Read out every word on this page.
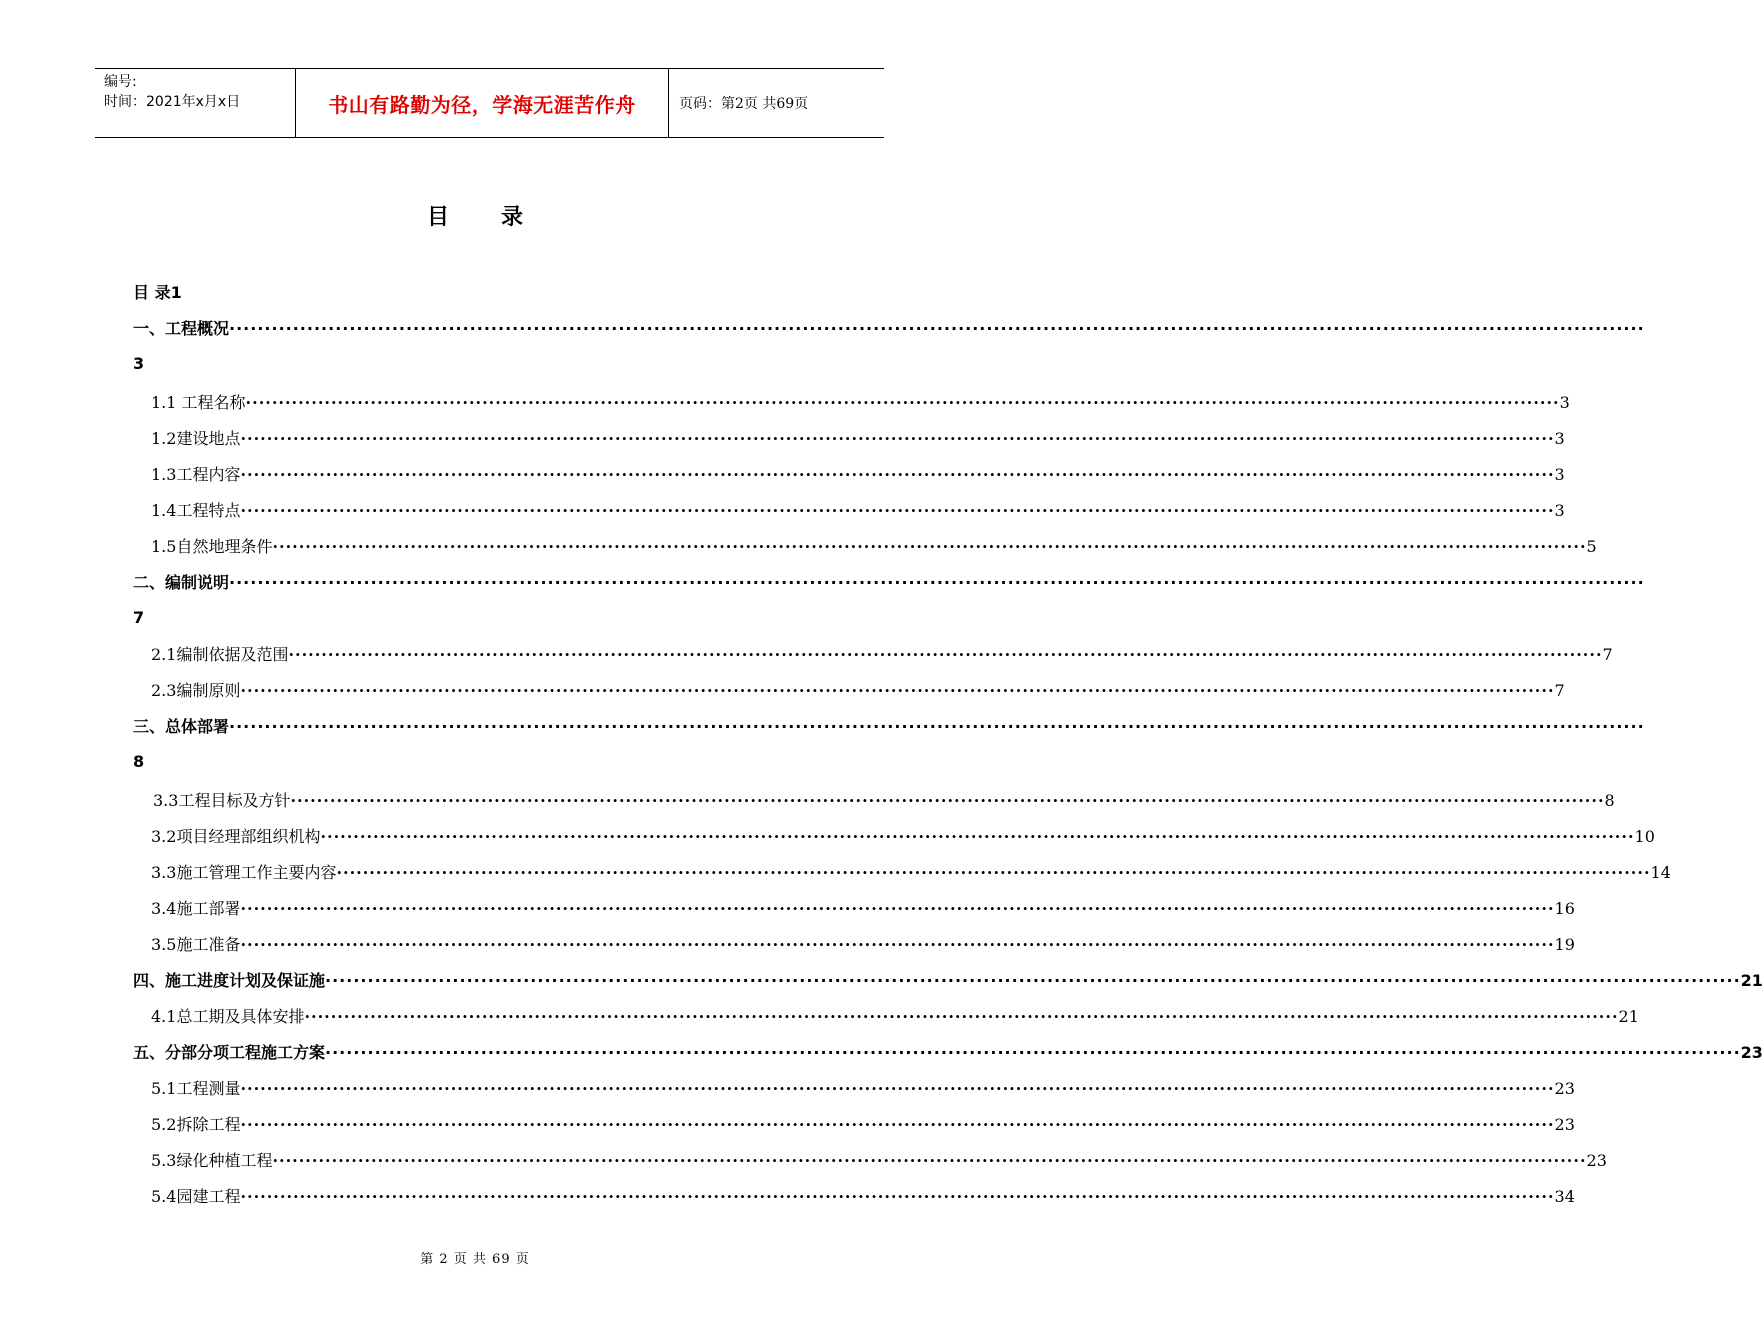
编号:
时间：2021年x月x日	书山有路勤为径，学海无涯苦作舟	页码：第2页 共69页
目录
目 录1
一、工程概况 ········································································································································································································
3
1.1 工程名称 ········································································································································································································ 3
1.2建设地点 ········································································································································································································ 3
1.3工程内容 ········································································································································································································ 3
1.4工程特点 ········································································································································································································ 3
1.5自然地理条件 ········································································································································································································ 5
二、编制说明 ········································································································································································································
7
2.1编制依据及范围 ········································································································································································································ 7
2.3编制原则 ········································································································································································································ 7
三、总体部署 ········································································································································································································
8
3.3工程目标及方针 ········································································································································································································ 8
3.2项目经理部组织机构 ········································································································································································································ 10
3.3施工管理工作主要内容 ········································································································································································································ 14
3.4施工部署 ········································································································································································································ 16
3.5施工准备 ········································································································································································································ 19
四、施工进度计划及保证施 ········································································································································································································ 21
4.1总工期及具体安排 ········································································································································································································ 21
五、分部分项工程施工方案 ········································································································································································································ 23
5.1工程测量 ········································································································································································································ 23
5.2拆除工程 ········································································································································································································ 23
5.3绿化种植工程 ········································································································································································································ 23
5.4园建工程 ········································································································································································································ 34
第 2 页 共 69 页
